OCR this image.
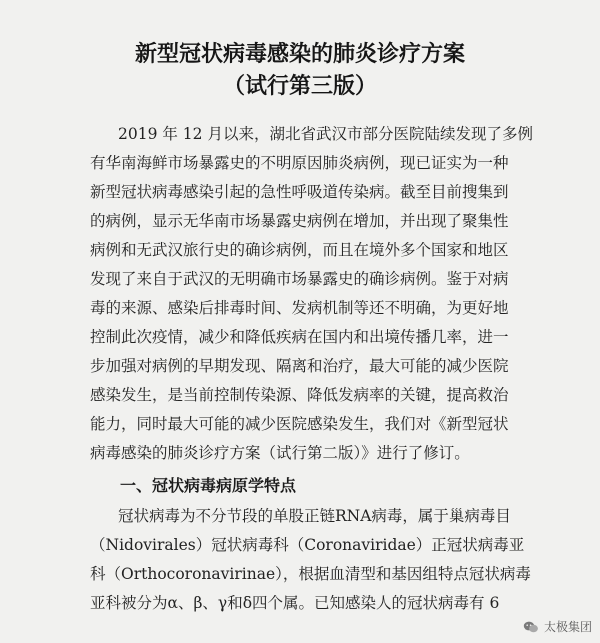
新型冠状病毒感染的肺炎诊疗方案
（试行第三版）
2019 年 12 月以来，湖北省武汉市部分医院陆续发现了多例
有华南海鲜市场暴露史的不明原因肺炎病例，现已证实为一种
新型冠状病毒感染引起的急性呼吸道传染病。截至目前搜集到
的病例，显示无华南市场暴露史病例在增加，并出现了聚集性
病例和无武汉旅行史的确诊病例，而且在境外多个国家和地区
发现了来自于武汉的无明确市场暴露史的确诊病例。鉴于对病
毒的来源、感染后排毒时间、发病机制等还不明确，为更好地
控制此次疫情，减少和降低疾病在国内和出境传播几率，进一
步加强对病例的早期发现、隔离和治疗，最大可能的减少医院
感染发生，是当前控制传染源、降低发病率的关键，提高救治
能力，同时最大可能的减少医院感染发生，我们对《新型冠状
病毒感染的肺炎诊疗方案（试行第二版）》进行了修订。
一、冠状病毒病原学特点
冠状病毒为不分节段的单股正链RNA病毒，属于巢病毒目
（Nidovirales）冠状病毒科（Coronaviridae）正冠状病毒亚
科（Orthocoronavirinae），根据血清型和基因组特点冠状病毒
亚科被分为α、β、γ和δ四个属。已知感染人的冠状病毒有 6
太极集团
